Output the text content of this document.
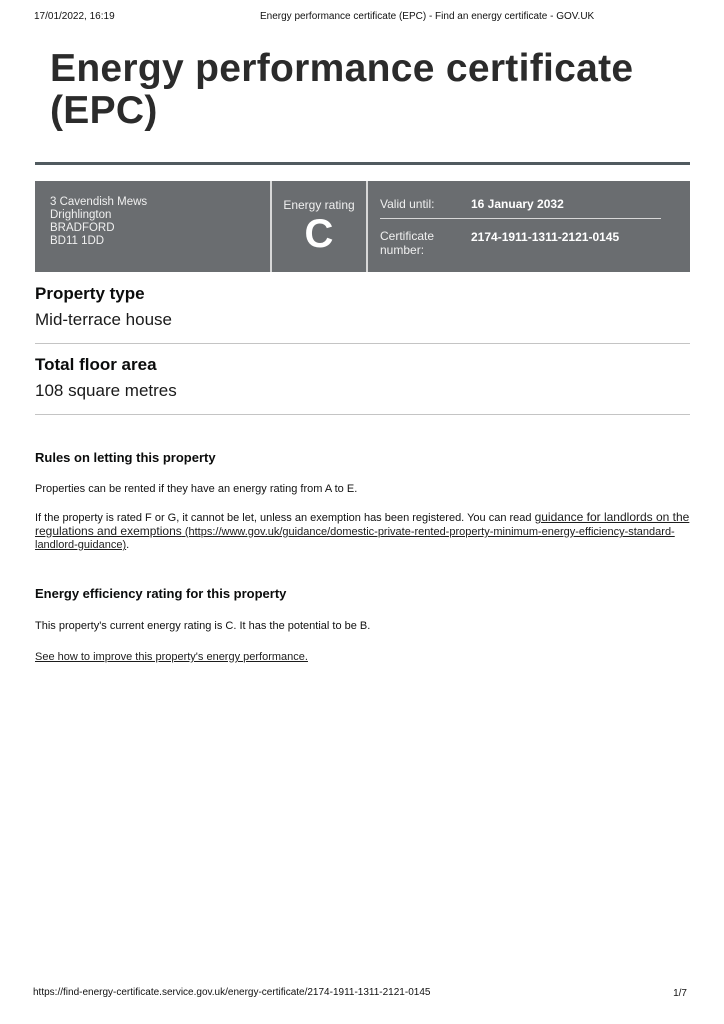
17/01/2022, 16:19	Energy performance certificate (EPC) - Find an energy certificate - GOV.UK
Energy performance certificate (EPC)
3 Cavendish Mews
Drighlington
BRADFORD
BD11 1DD
Energy rating
C
Valid until:	16 January 2032
Certificate number:
2174-1911-1311-2121-0145
Property type

Mid-terrace house

Total floor area

108 square metres

Rules on letting this property

Properties can be rented if they have an energy rating from A to E.

If the property is rated F or G, it cannot be let, unless an exemption has been registered. You can read guidance for landlords on the regulations and exemptions (https://www.gov.uk/guidance/domestic-private-rented-property-minimum-energy-efficiency-standard-landlord-guidance).

Energy efficiency rating for this property

This property's current energy rating is C. It has the potential to be B.

See how to improve this property's energy performance.

https://find-energy-certificate.service.gov.uk/energy-certificate/2174-1911-1311-2121-0145	1/7
